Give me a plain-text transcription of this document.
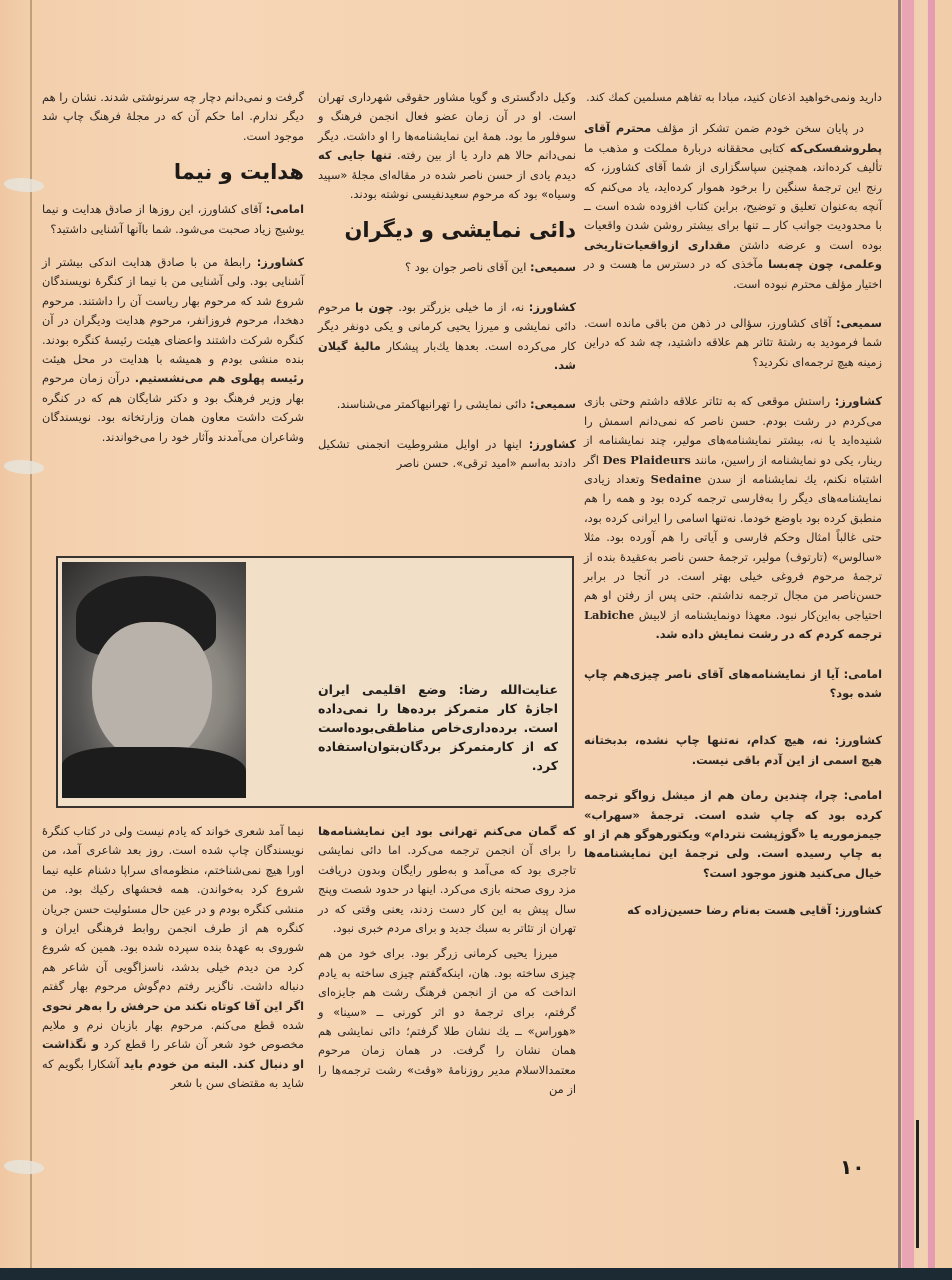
دارید ونمی‌خواهید اذعان کنید، مبادا به تفاهم مسلمین کمك کند.

در پایان سخن خودم ضمن تشکر از مؤلف محترم آقای پطروشفسکی‌که کتابی محققانه دربارهٔ مملکت و مذهب ما تألیف کرده‌اند، همچنین سپاسگزاری از شما آقای کشاورز، که رنج این ترجمهٔ سنگین را برخود هموار کرده‌اید، یاد می‌کنم که آنچه به‌عنوان تعلیق و توضیح، براین کتاب افزوده شده است ــ با محدودیت جوانب کار ــ تنها برای بیشتر روشن شدن واقعیات بوده است و عرضه داشتن مقداری ازواقعیات‌تاریخی وعلمی، چون چه‌بسا مآخذی که در دسترس ما هست و در اختیار مؤلف محترم نبوده است.

سمیعی: آقای کشاورز، سؤالی در ذهن من باقی مانده است. شما فرمودید به رشتهٔ تئاتر هم علاقه داشتید، چه شد که دراین زمینه هیچ ترجمه‌ای نکردید؟

کشاورز: راستش موقعی که به تئاتر علاقه داشتم وحتی بازی می‌کردم در رشت بودم. حسن ناصر که نمی‌دانم اسمش را شنیده‌اید یا نه، بیشتر نمایشنامه‌های مولیر، چند نمایشنامه از رینار، یکی دو نمایشنامه از راسین، مانند Des Plaideurs اگر اشتباه نکنم، یك نمایشنامه از سدن Sedaine وتعداد زیادی نمایشنامه‌های دیگر را به‌فارسی ترجمه کرده بود و همه را هم منطبق کرده بود باوضع خودما. نه‌تنها اسامی را ایرانی کرده بود، حتی غالباً امثال وحکم فارسی و آیاتی را هم آورده بود. مثلا «سالوس» (تارتوف) مولیر، ترجمهٔ حسن ناصر به‌عقیدهٔ بنده از ترجمهٔ مرحوم فروغی خیلی بهتر است. در آنجا در برابر حسن‌ناصر من مجال ترجمه نداشتم. حتی پس از رفتن او هم احتیاجی به‌این‌کار نبود. معهذا دونمایشنامه از لابیش Labiche ترجمه کردم که در رشت نمایش داده شد.

امامی: آیا از نمایشنامه‌های آقای ناصر چیزی‌هم چاپ شده بود؟

کشاورز: نه، هیچ کدام، نه‌تنها چاپ نشده، بدبختانه هیچ اسمی از این آدم باقی نیست.

امامی: چرا، چندین رمان هم از میشل زواگو ترجمه کرده بود که چاپ شده است. ترجمهٔ «سهراب» جیمزموریه یا «گوژپشت نتردام» ویکتورهوگو هم از او به چاپ رسیده است. ولی ترجمهٔ این نمایشنامه‌ها خیال می‌کنید هنوز موجود است؟

کشاورز: آقایی هست به‌نام رضا حسین‌زاده که

وکیل دادگستری و گویا مشاور حقوقی شهرداری تهران است. او در آن زمان عضو فعال انجمن فرهنگ و سوفلور ما بود. همهٔ این نمایشنامه‌ها را او داشت. دیگر نمی‌دانم حالا هم دارد یا از بین رفته. تنها جایی که دیدم یادی از حسن ناصر شده در مقاله‌ای مجلهٔ «سپید وسیاه» بود که مرحوم سعیدنفیسی نوشته بودند.

دائی نمایشی و دیگران

سمیعی: این آقای ناصر جوان بود ؟

کشاورز: نه، از ما خیلی بزرگتر بود. چون با مرحوم دائی نمایشی و میرزا یحیی کرمانی و یکی دونفر دیگر کار می‌کرده است. بعدها یك‌بار پیشکار مالیهٔ گیلان شد.

سمیعی: دائی نمایشی را تهرانیهاکمتر می‌شناسند.

کشاورز: اینها در اوایل مشروطیت انجمنی تشکیل دادند به‌اسم «امید ترقی». حسن ناصر

گرفت و نمی‌دانم دچار چه سرنوشتی شدند. نشان را هم دیگر ندارم. اما حکم آن که در مجلهٔ فرهنگ چاپ شد موجود است.

هدایت و نیما

امامی: آقای کشاورز، این روزها از صادق هدایت و نیما یوشیج زیاد صحبت می‌شود. شما باآنها آشنایی داشتید؟

کشاورز: رابطهٔ من با صادق هدایت اندکی بیشتر از آشنایی بود. ولی آشنایی من با نیما از کنگرهٔ نویسندگان شروع شد که مرحوم بهار ریاست آن را داشتند. مرحوم دهخدا، مرحوم فروزانفر، مرحوم هدایت ودیگران در آن کنگره شرکت داشتند واعضای هیئت رئیسهٔ کنگره بودند. بنده منشی بودم و همیشه با هدایت در محل هیئت رئیسه پهلوی هم می‌نشستیم. درآن زمان مرحوم بهار وزیر فرهنگ بود و دکتر شایگان هم که در کنگره شرکت داشت معاون همان وزارتخانه بود. نویسندگان وشاعران می‌آمدند وآثار خود را می‌خواندند.

عنایت‌الله رضا: وضع اقلیمی ایران اجازهٔ کار متمرکز برده‌ها را نمی‌داده است. برده‌داری‌خاص مناطقی‌بوده‌است که از کارمتمرکز بردگان‌بتوان‌استفاده کرد.

که گمان می‌کنم تهرانی بود این نمایشنامه‌ها را برای آن انجمن ترجمه می‌کرد. اما دائی نمایشی تاجری بود که می‌آمد و به‌طور رایگان وبدون دریافت مزد روی صحنه بازی می‌کرد. اینها در حدود شصت وپنج سال پیش به این کار دست زدند، یعنی وقتی که در تهران از تئاتر به سبك جدید و برای مردم خبری نبود.

میرزا یحیی کرمانی زرگر بود. برای خود من هم چیزی ساخته بود. هان، اینکه‌گفتم چیزی ساخته به یادم انداخت که من از انجمن فرهنگ رشت هم جایزه‌ای گرفتم، برای ترجمهٔ دو اثر کورنی ــ «سینا» و «هوراس» ــ یك نشان طلا گرفتم؛ دائی نمایشی هم همان نشان را گرفت. در همان زمان مرحوم معتمدالاسلام مدیر روزنامهٔ «وقت» رشت ترجمه‌ها را از من

نیما آمد شعری خواند که یادم نیست ولی در کتاب کنگرهٔ نویسندگان چاپ شده است. روز بعد شاعری آمد، من اورا هیچ نمی‌شناختم، منظومه‌ای سراپا دشنام علیه نیما شروع کرد به‌خواندن. همه فحشهای رکیك بود. من منشی کنگره بودم و در عین حال مسئولیت حسن جریان کنگره هم از طرف انجمن روابط فرهنگی ایران و شوروی به عهدهٔ بنده سپرده شده بود. همین که شروع کرد من دیدم خیلی بدشد، ناسزاگویی آن شاعر هم دنباله داشت. ناگزیر رفتم دم‌گوش مرحوم بهار گفتم اگر این آقا کوتاه نکند من حرفش را به‌هر نحوی شده قطع می‌کنم. مرحوم بهار بازبان نرم و ملایم مخصوص خود شعر آن شاعر را قطع کرد و نگذاشت او دنبال کند. البته من خودم باید آشکارا بگویم که شاید به مقتضای سن با شعر

۱۰
